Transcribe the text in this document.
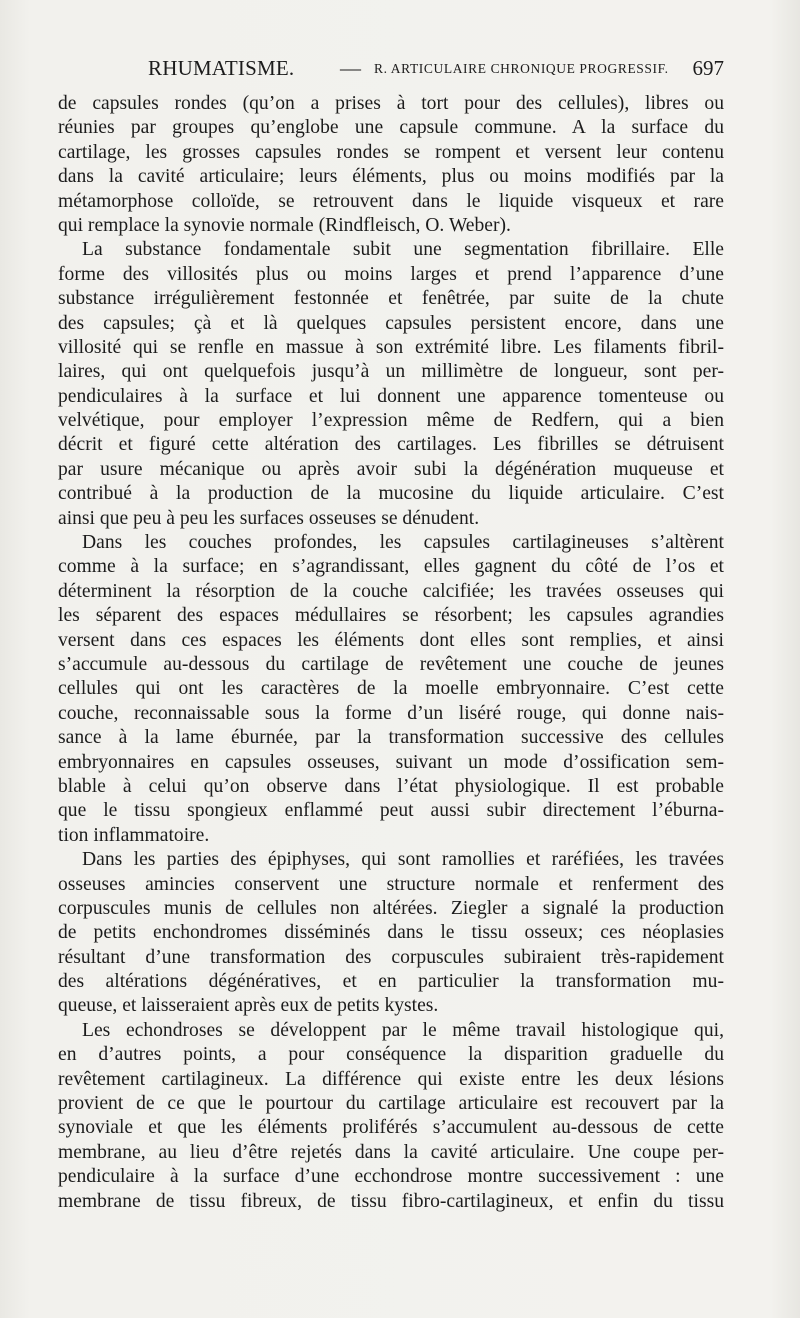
RHUMATISME. — R. ARTICULAIRE CHRONIQUE PROGRESSIF. 697
de capsules rondes (qu’on a prises à tort pour des cellules), libres ou
réunies par groupes qu’englobe une capsule commune. A la surface du
cartilage, les grosses capsules rondes se rompent et versent leur contenu
dans la cavité articulaire; leurs éléments, plus ou moins modifiés par la
métamorphose colloïde, se retrouvent dans le liquide visqueux et rare
qui remplace la synovie normale (Rindfleisch, O. Weber).
La substance fondamentale subit une segmentation fibrillaire. Elle
forme des villosités plus ou moins larges et prend l’apparence d’une
substance irrégulièrement festonnée et fenêtrée, par suite de la chute
des capsules; çà et là quelques capsules persistent encore, dans une
villosité qui se renfle en massue à son extrémité libre. Les filaments fibril-
laires, qui ont quelquefois jusqu’à un millimètre de longueur, sont per-
pendiculaires à la surface et lui donnent une apparence tomenteuse ou
velvétique, pour employer l’expression même de Redfern, qui a bien
décrit et figuré cette altération des cartilages. Les fibrilles se détruisent
par usure mécanique ou après avoir subi la dégénération muqueuse et
contribué à la production de la mucosine du liquide articulaire. C’est
ainsi que peu à peu les surfaces osseuses se dénudent.
Dans les couches profondes, les capsules cartilagineuses s’altèrent
comme à la surface; en s’agrandissant, elles gagnent du côté de l’os et
déterminent la résorption de la couche calcifiée; les travées osseuses qui
les séparent des espaces médullaires se résorbent; les capsules agrandies
versent dans ces espaces les éléments dont elles sont remplies, et ainsi
s’accumule au-dessous du cartilage de revêtement une couche de jeunes
cellules qui ont les caractères de la moelle embryonnaire. C’est cette
couche, reconnaissable sous la forme d’un liséré rouge, qui donne nais-
sance à la lame éburnée, par la transformation successive des cellules
embryonnaires en capsules osseuses, suivant un mode d’ossification sem-
blable à celui qu’on observe dans l’état physiologique. Il est probable
que le tissu spongieux enflammé peut aussi subir directement l’éburna-
tion inflammatoire.
Dans les parties des épiphyses, qui sont ramollies et raréfiées, les travées
osseuses amincies conservent une structure normale et renferment des
corpuscules munis de cellules non altérées. Ziegler a signalé la production
de petits enchondromes disséminés dans le tissu osseux; ces néoplasies
résultant d’une transformation des corpuscules subiraient très-rapidement
des altérations dégénératives, et en particulier la transformation mu-
queuse, et laisseraient après eux de petits kystes.
Les echondroses se développent par le même travail histologique qui,
en d’autres points, a pour conséquence la disparition graduelle du
revêtement cartilagineux. La différence qui existe entre les deux lésions
provient de ce que le pourtour du cartilage articulaire est recouvert par la
synoviale et que les éléments proliférés s’accumulent au-dessous de cette
membrane, au lieu d’être rejetés dans la cavité articulaire. Une coupe per-
pendiculaire à la surface d’une ecchondrose montre successivement : une
membrane de tissu fibreux, de tissu fibro-cartilagineux, et enfin du tissu
